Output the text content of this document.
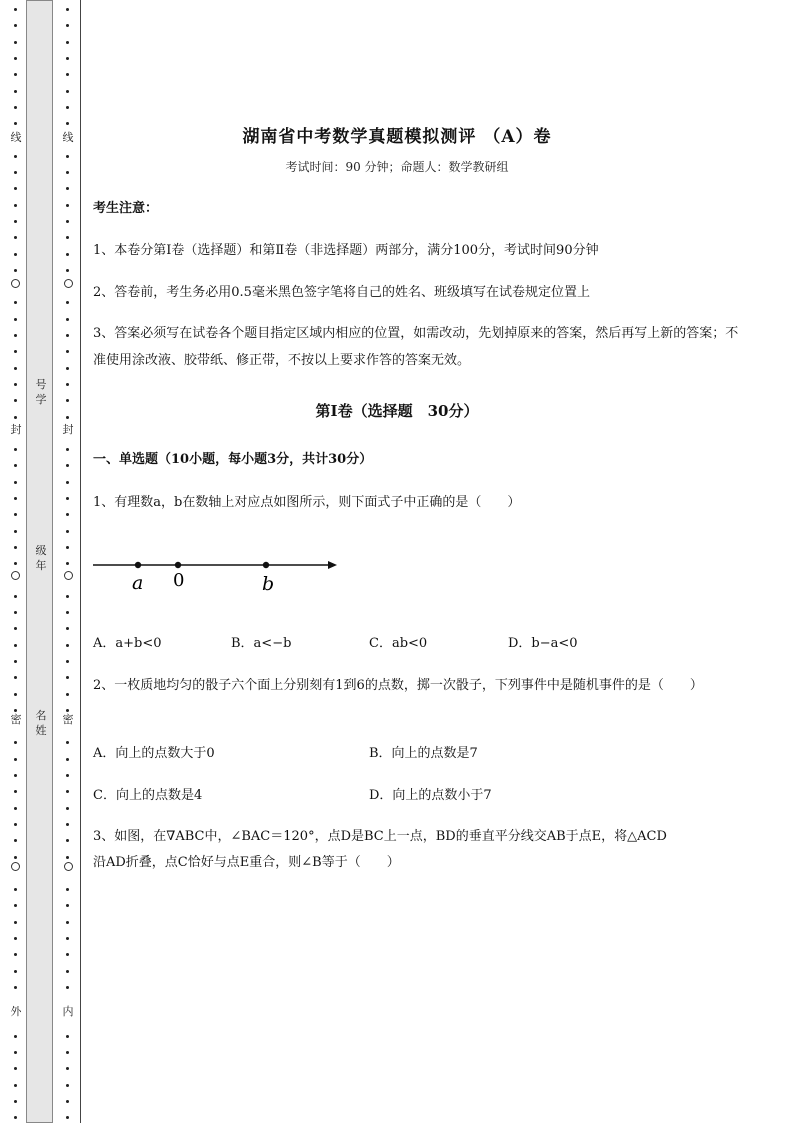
线
封
密
外
线
封
密
内
号学
级年
名姓
湖南省中考数学真题模拟测评 （A）卷
考试时间：90 分钟；命题人：数学教研组
考生注意：
1、本卷分第Ⅰ卷（选择题）和第Ⅱ卷（非选择题）两部分，满分100分，考试时间90分钟
2、答卷前，考生务必用0.5毫米黑色签字笔将自己的姓名、班级填写在试卷规定位置上
3、答案必须写在试卷各个题目指定区域内相应的位置，如需改动，先划掉原来的答案，然后再写上新的答案；不准使用涂改液、胶带纸、修正带，不按以上要求作答的答案无效。
第Ⅰ卷（选择题　30分）
一、单选题（10小题，每小题3分，共计30分）
1、有理数a，b在数轴上对应点如图所示，则下面式子中正确的是（　　）
a 0	b
A．a+b<0	B．a<−b	C．ab<0	D．b−a<0
2、一枚质地均匀的骰子六个面上分别刻有1到6的点数，掷一次骰子，下列事件中是随机事件的是（　　）
A．向上的点数大于0	B．向上的点数是7
C．向上的点数是4	D．向上的点数小于7
3、如图，在∇ABC中，∠BAC＝120°，点D是BC上一点，BD的垂直平分线交AB于点E，将△ACD
沿AD折叠，点C恰好与点E重合，则∠B等于（　　）
